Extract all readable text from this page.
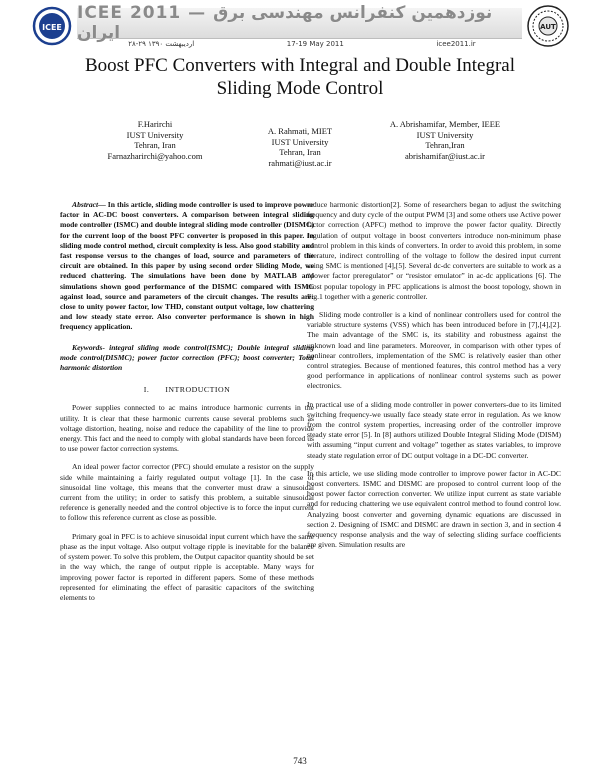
ICEE
ICEE 2011 — نوزدهمین کنفرانس مهندسی برق ایران
۲۸-۲۹ اردیبهشت ۱۳۹۰	17-19 May 2011	icee2011.ir
AUT
Boost PFC Converters with Integral and Double Integral Sliding Mode Control
F.Harirchi
IUST University
Tehran, Iran
Farnazharirchi@yahoo.com
A. Rahmati, MIET
IUST University
Tehran, Iran
rahmati@iust.ac.ir
A. Abrishamifar, Member, IEEE
IUST University
Tehran,Iran
abrishamifar@iust.ac.ir

Abstract— In this article, sliding mode controller is used to improve power factor in AC-DC boost converters. A comparison between integral sliding mode controller (ISMC) and double integral sliding mode controller (DISMC) for the current loop of the boost PFC converter is proposed in this paper. In sliding mode control method, circuit complexity is less. Also good stability and fast response versus to the changes of load, source and parameters of the circuit are obtained. In this paper by using second order Sliding Mode, we reduced chattering. The simulations have been done by MATLAB and simulations shown good performance of the DISMC compared with ISMC against load, source and parameters of the circuit changes. The results are: close to unity power factor, low THD, constant output voltage, low chattering and low steady state error. Also converter performance is shown in high frequency application.

Keywords- integral sliding mode control(ISMC); Double integral sliding mode control(DISMC); power factor correction (PFC); boost converter; Total harmonic distortion

I. INTRODUCTION

Power supplies connected to ac mains introduce harmonic currents in the utility. It is clear that these harmonic currents cause several problems such as voltage distortion, heating, noise and reduce the capability of the line to provide energy. This fact and the need to comply with global standards have been forced us to use power factor correction systems.

An ideal power factor corrector (PFC) should emulate a resistor on the supply side while maintaining a fairly regulated output voltage [1]. In the case of sinusoidal line voltage, this means that the converter must draw a sinusoidal current from the utility; in order to satisfy this problem, a suitable sinusoidal reference is generally needed and the control objective is to force the input current to follow this reference current as close as possible.

Primary goal in PFC is to achieve sinusoidal input current which have the same phase as the input voltage. Also output voltage ripple is inevitable for the balance of system power. To solve this problem, the Output capacitor quantity should be set in the way which, the range of output ripple is acceptable. Many ways for improving power factor is reported in different papers. Some of these methods represented for eliminating the effect of parasitic capacitors of the switching elements to

reduce harmonic distortion[2]. Some of researchers began to adjust the switching frequency and duty cycle of the output PWM [3] and some others use Active power factor correction (APFC) method to improve the power factor quality. Directly regulation of output voltage in boost converters introduce non-minimum phase control problem in this kinds of converters. In order to avoid this problem, in some literature, indirect controlling of the voltage to follow the desired input current using SMC is mentioned [4],[5]. Several dc-dc converters are suitable to work as a “power factor preregulator” or “resistor emulator” in ac-dc applications [6]. The most popular topology in PFC applications is almost the boost topology, shown in Fig.1 together with a generic controller.

Sliding mode controller is a kind of nonlinear controllers used for control the variable structure systems (VSS) which has been introduced before in [7],[4],[2]. The main advantage of the SMC is, its stability and robustness against the unknown load and line parameters. Moreover, in comparison with other types of nonlinear controllers, implementation of the SMC is relatively easier than other control strategies. Because of mentioned features, this control method has a very good performance in applications of nonlinear control systems such as power electronics.

In practical use of a sliding mode controller in power converters-due to its limited switching frequency-we usually face steady state error in regulation. As we know from the control system properties, increasing order of the controller improve steady state error [5]. In [8] authors utilized Double Integral Sliding Mode (DISM) with assuming “input current and voltage” together as states variables, to improve steady state regulation error of DC output voltage in a DC-DC converter.

In this article, we use sliding mode controller to improve power factor in AC-DC boost converters. ISMC and DISMC are proposed to control current loop of the boost power factor correction converter. We utilize input current as state variable and for reducing chattering we use equivalent control method to found control low. Analyzing boost converter and governing dynamic equations are discussed in section 2. Designing of ISMC and DISMC are drawn in section 3, and in section 4 frequency response analysis and the way of selecting sliding surface coefficients are given. Simulation results are

743
